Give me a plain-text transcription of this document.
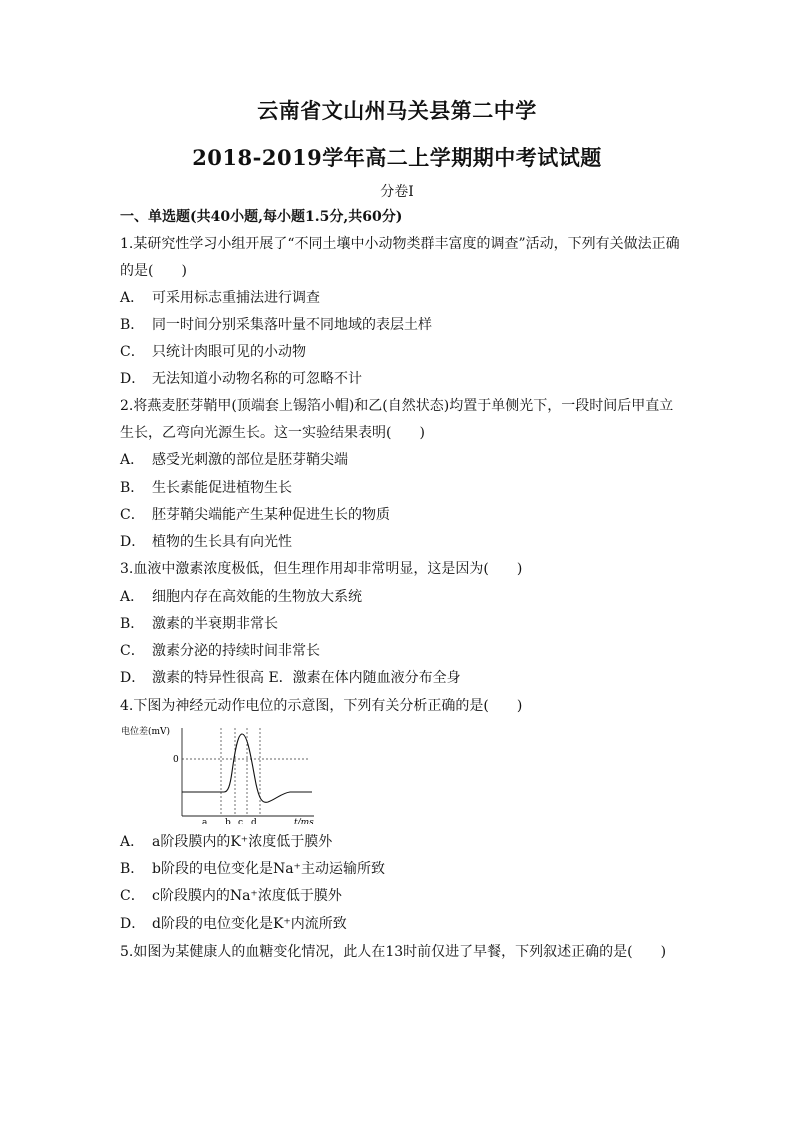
云南省文山州马关县第二中学
2018-2019学年高二上学期期中考试试题
分卷I
一、单选题(共40小题,每小题1.5分,共60分)
1.某研究性学习小组开展了“不同土壤中小动物类群丰富度的调查”活动，下列有关做法正确
的是(　　)
A． 可采用标志重捕法进行调查
B． 同一时间分别采集落叶量不同地域的表层土样
C． 只统计肉眼可见的小动物
D． 无法知道小动物名称的可忽略不计
2.将燕麦胚芽鞘甲(顶端套上锡箔小帽)和乙(自然状态)均置于单侧光下，一段时间后甲直立
生长，乙弯向光源生长。这一实验结果表明(　　)
A． 感受光刺激的部位是胚芽鞘尖端
B． 生长素能促进植物生长
C． 胚芽鞘尖端能产生某种促进生长的物质
D． 植物的生长具有向光性
3.血液中激素浓度极低，但生理作用却非常明显，这是因为(　　)
A． 细胞内存在高效能的生物放大系统
B． 激素的半衰期非常长
C． 激素分泌的持续时间非常长
D． 激素的特异性很高 E．激素在体内随血液分布全身
4.下图为神经元动作电位的示意图，下列有关分析正确的是(　　)
电位差(mV)
0
a b c d	t/ms
A． a阶段膜内的K⁺浓度低于膜外
B． b阶段的电位变化是Na⁺主动运输所致
C． c阶段膜内的Na⁺浓度低于膜外
D． d阶段的电位变化是K⁺内流所致
5.如图为某健康人的血糖变化情况，此人在13时前仅进了早餐，下列叙述正确的是(　　)
